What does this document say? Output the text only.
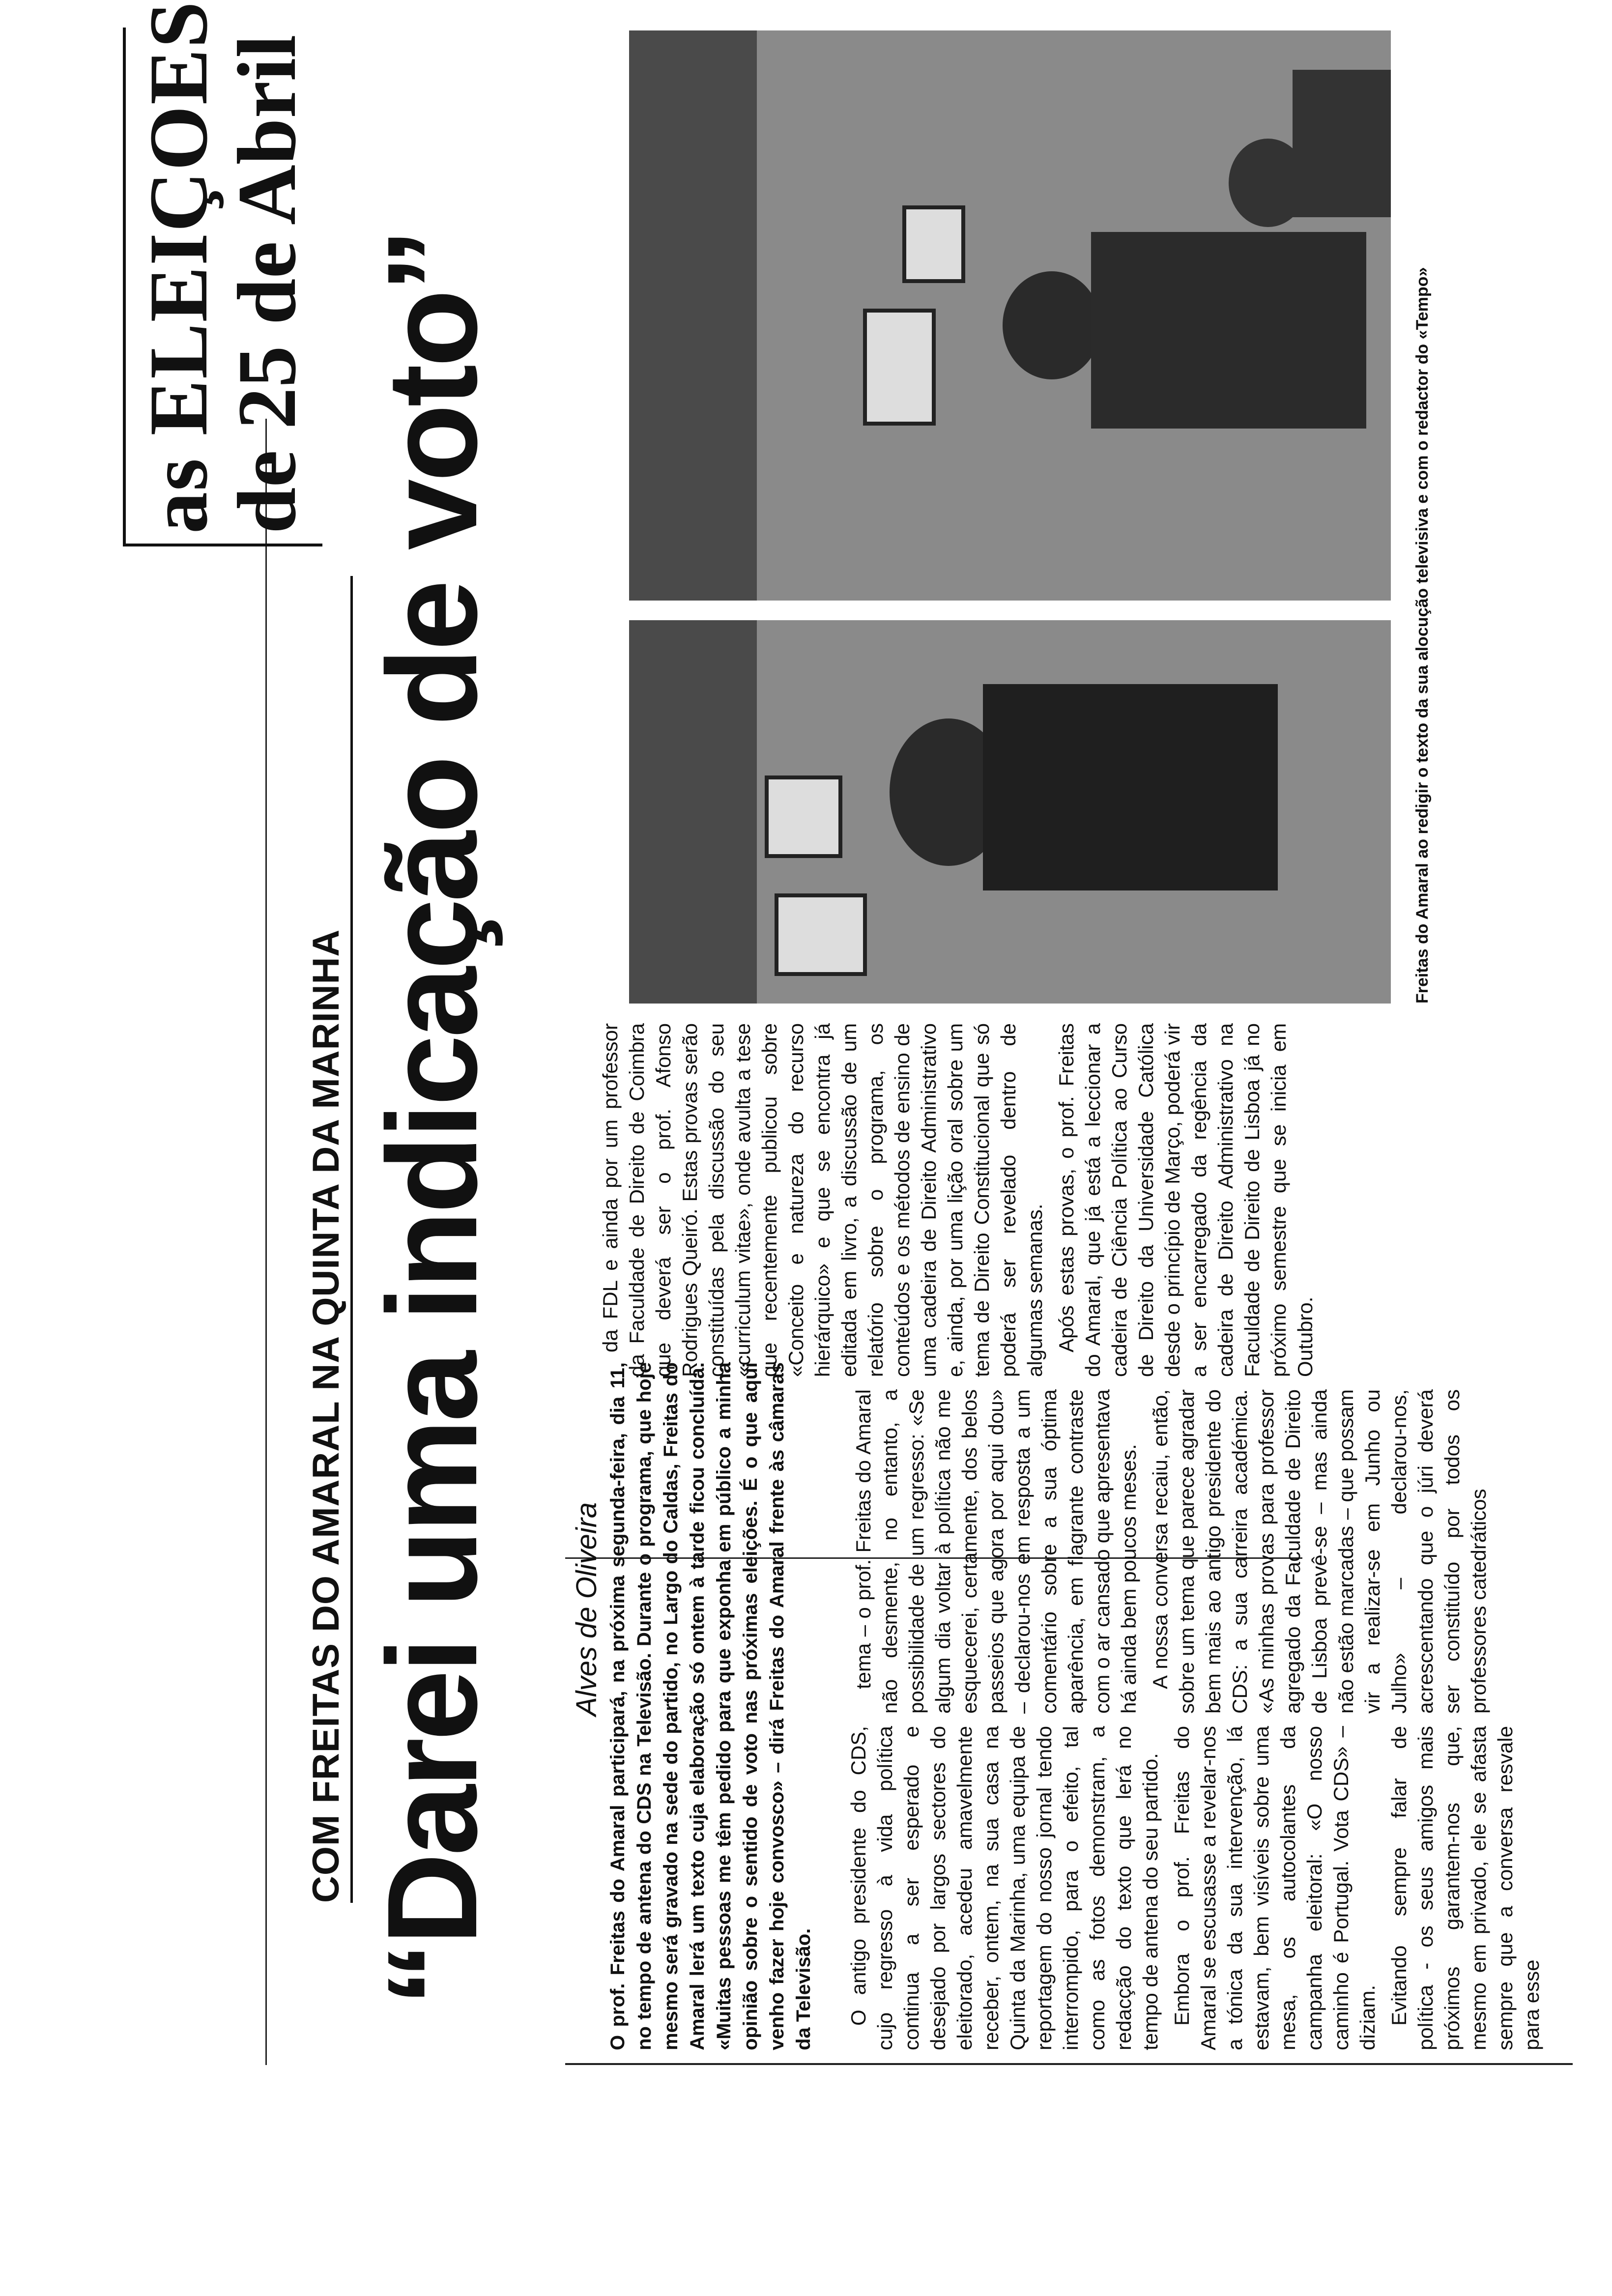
COM FREITAS DO AMARAL NA QUINTA DA MARINHA “Darei uma indicação de voto”
as ELEIÇOES
de 25 de Abril
Alves de Oliveira O prof. Freitas do Amaral participará, na próxima segunda-feira, dia 11, no tempo de antena do CDS na Televisão. Durante o programa, que hoje mesmo será gravado na sede do partido, no Largo do Caldas, Freitas do Amaral lerá um texto cuja elaboração só ontem à tarde ficou concluída. «Muitas pessoas me têm pedido para que exponha em público a minha opinião sobre o sentido de voto nas próximas eleições. É o que aqui venho fazer hoje convosco» – dirá Freitas do Amaral frente às câmaras da Televisão. O antigo presidente do CDS, cujo regresso à vida política continua a ser esperado e desejado por largos sectores do eleitorado, acedeu amavelmente receber, ontem, na sua casa na Quinta da Marinha, uma equipa de reportagem do nosso jornal tendo interrompido, para o efeito, tal como as fotos demonstram, a redacção do texto que lerá no tempo de antena do seu partido. Embora o prof. Freitas do Amaral se escusasse a revelar-nos a tónica da sua intervenção, lá estavam, bem visíveis sobre uma mesa, os autocolantes da campanha eleitoral: «O nosso caminho é Portugal. Vota CDS» – diziam. Evitando sempre falar de política - os seus amigos mais próximos garantem-nos que, mesmo em privado, ele se afasta sempre que a conversa resvale para esse

tema – o prof. Freitas do Amaral não desmente, no entanto, a possibilidade de um regresso: «Se algum dia voltar à política não me esquecerei, certamente, dos belos passeios que agora por aqui dou» – declarou-nos em resposta a um comentário sobre a sua óptima aparência, em flagrante contraste com o ar cansado que apresentava há ainda bem poucos meses. A nossa conversa recaiu, então, sobre um tema que parece agradar bem mais ao antigo presidente do CDS: a sua carreira académica. «As minhas provas para professor agregado da Faculdade de Direito de Lisboa prevê-se – mas ainda não estão marcadas – que possam vir a realizar-se em Junho ou Julho» – declarou-nos, acrescentando que o júri deverá ser constituído por todos os professores catedráticos

da FDL e ainda por um professor da Faculdade de Direito de Coimbra que deverá ser o prof. Afonso Rodrigues Queiró. Estas provas serão constituídas pela discussão do seu «curriculum vitae», onde avulta a tese que recentemente publicou sobre «Conceito e natureza do recurso hierárquico» e que se encontra já editada em livro, a discussão de um relatório sobre o programa, os conteúdos e os métodos de ensino de uma cadeira de Direito Administrativo e, ainda, por uma lição oral sobre um tema de Direito Constitucional que só poderá ser revelado dentro de algumas semanas. Após estas provas, o prof. Freitas do Amaral, que já está a leccionar a cadeira de Ciência Política ao Curso de Direito da Universidade Católica desde o princípio de Março, poderá vir a ser encarregado da regência da cadeira de Direito Administrativo na Faculdade de Direito de Lisboa já no próximo semestre que se inicia em Outubro.

Freitas do Amaral ao redigir o texto da sua alocução televisiva e com o redactor do «Tempo»
